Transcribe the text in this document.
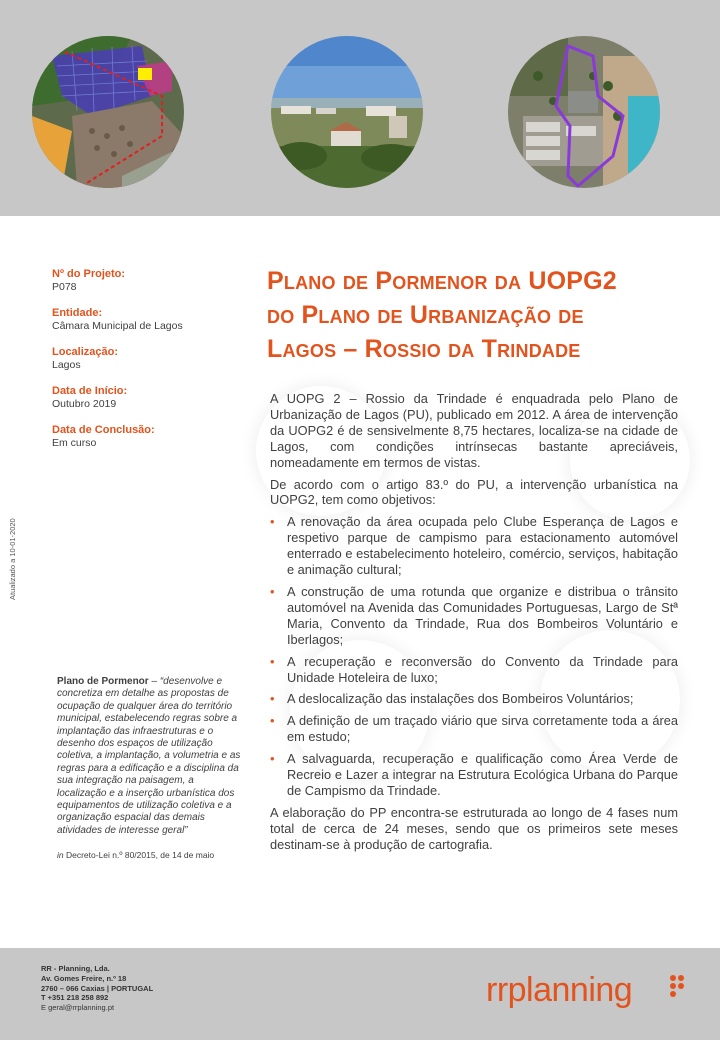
Nº do Projeto:
P078
Entidade:
Câmara Municipal de Lagos
Localização:
Lagos
Data de Início:
Outubro 2019
Data de Conclusão:
Em curso
Atualizado a 10-01-2020
Plano de Pormenor da UOPG2
do Plano de Urbanização de
Lagos – Rossio da Trindade

A UOPG 2 – Rossio da Trindade é enquadrada pelo Plano de Urbanização de Lagos (PU), publicado em 2012. A área de intervenção da UOPG2 é de sensivelmente 8,75 hectares, localiza-se na cidade de Lagos, com condições intrínsecas bastante apreciáveis, nomeadamente em termos de vistas.

De acordo com o artigo 83.º do PU, a intervenção urbanística na UOPG2, tem como objetivos:

• A renovação da área ocupada pelo Clube Esperança de Lagos e respetivo parque de campismo para estacionamento automóvel enterrado e estabelecimento hoteleiro, comércio, serviços, habitação e animação cultural;
• A construção de uma rotunda que organize e distribua o trânsito automóvel na Avenida das Comunidades Portuguesas, Largo de Stª Maria, Convento da Trindade, Rua dos Bombeiros Voluntário e Iberlagos;
• A recuperação e reconversão do Convento da Trindade para Unidade Hoteleira de luxo;
• A deslocalização das instalações dos Bombeiros Voluntários;
• A definição de um traçado viário que sirva corretamente toda a área em estudo;
• A salvaguarda, recuperação e qualificação como Área Verde de Recreio e Lazer a integrar na Estrutura Ecológica Urbana do Parque de Campismo da Trindade.

A elaboração do PP encontra-se estruturada ao longo de 4 fases num total de cerca de 24 meses, sendo que os primeiros sete meses destinam-se à produção de cartografia.

Plano de Pormenor – “desenvolve e concretiza em detalhe as propostas de ocupação de qualquer área do território municipal, estabelecendo regras sobre a implantação das infraestruturas e o desenho dos espaços de utilização coletiva, a implantação, a volumetria e as regras para a edificação e a disciplina da sua integração na paisagem, a localização e a inserção urbanística dos equipamentos de utilização coletiva e a organização espacial das demais atividades de interesse geral”
in Decreto-Lei n.º 80/2015, de 14 de maio
RR - Planning, Lda.
Av. Gomes Freire, n.º 18
2760 – 066 Caxias | PORTUGAL
T +351 218 258 892
E geral@rrplanning.pt	rrplanning
